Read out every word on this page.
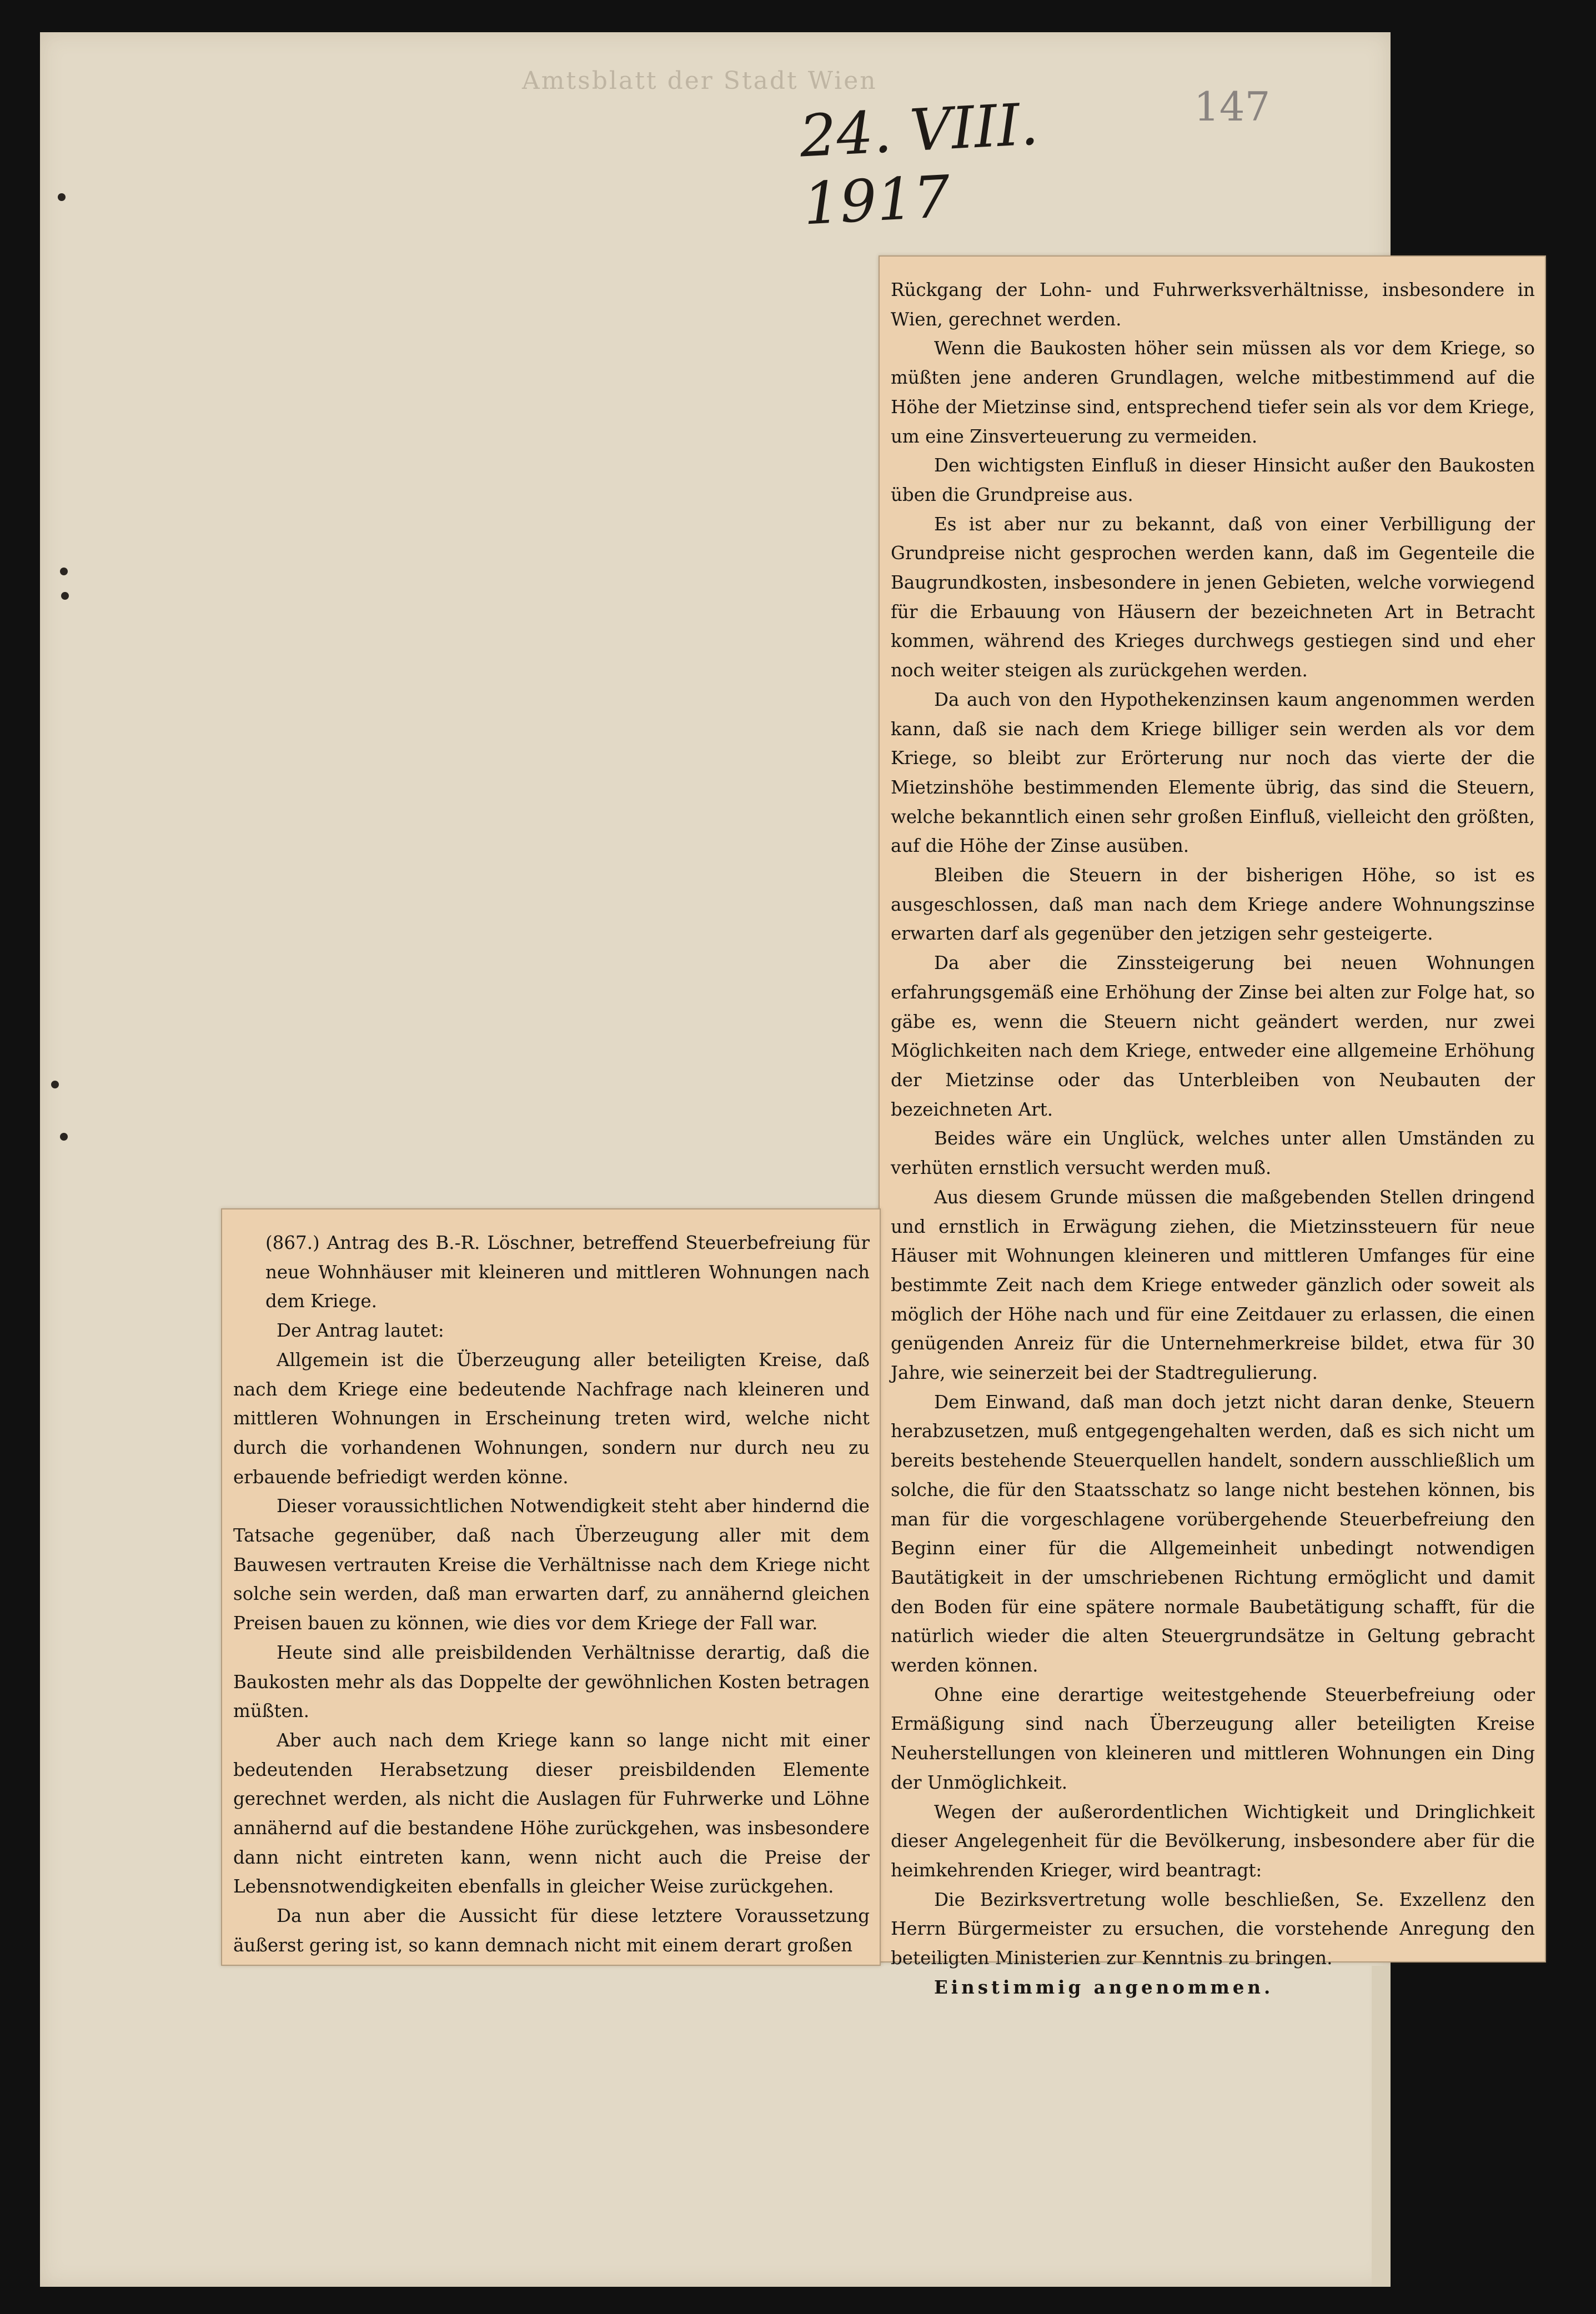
Amtsblatt der Stadt Wien
24. VIII. 1917
147

Rückgang der Lohn- und Fuhrwerksverhältnisse, insbesondere in Wien, gerechnet werden.

Wenn die Baukosten höher sein müssen als vor dem Kriege, so müßten jene anderen Grundlagen, welche mitbestimmend auf die Höhe der Mietzinse sind, entsprechend tiefer sein als vor dem Kriege, um eine Zinsverteuerung zu vermeiden.

Den wichtigsten Einfluß in dieser Hinsicht außer den Baukosten üben die Grundpreise aus.

Es ist aber nur zu bekannt, daß von einer Verbilligung der Grundpreise nicht gesprochen werden kann, daß im Gegenteile die Baugrundkosten, insbesondere in jenen Gebieten, welche vorwiegend für die Erbauung von Häusern der bezeichneten Art in Betracht kommen, während des Krieges durchwegs gestiegen sind und eher noch weiter steigen als zurückgehen werden.

Da auch von den Hypothekenzinsen kaum angenommen werden kann, daß sie nach dem Kriege billiger sein werden als vor dem Kriege, so bleibt zur Erörterung nur noch das vierte der die Mietzinshöhe bestimmenden Elemente übrig, das sind die Steuern, welche bekanntlich einen sehr großen Einfluß, vielleicht den größten, auf die Höhe der Zinse ausüben.

Bleiben die Steuern in der bisherigen Höhe, so ist es ausgeschlossen, daß man nach dem Kriege andere Wohnungszinse erwarten darf als gegenüber den jetzigen sehr gesteigerte.

Da aber die Zinssteigerung bei neuen Wohnungen erfahrungsgemäß eine Erhöhung der Zinse bei alten zur Folge hat, so gäbe es, wenn die Steuern nicht geändert werden, nur zwei Möglichkeiten nach dem Kriege, entweder eine allgemeine Erhöhung der Mietzinse oder das Unterbleiben von Neubauten der bezeichneten Art.

Beides wäre ein Unglück, welches unter allen Umständen zu verhüten ernstlich versucht werden muß.

Aus diesem Grunde müssen die maßgebenden Stellen dringend und ernstlich in Erwägung ziehen, die Mietzinssteuern für neue Häuser mit Wohnungen kleineren und mittleren Umfanges für eine bestimmte Zeit nach dem Kriege entweder gänzlich oder soweit als möglich der Höhe nach und für eine Zeitdauer zu erlassen, die einen genügenden Anreiz für die Unternehmerkreise bildet, etwa für 30 Jahre, wie seinerzeit bei der Stadtregulierung.

Dem Einwand, daß man doch jetzt nicht daran denke, Steuern herabzusetzen, muß entgegengehalten werden, daß es sich nicht um bereits bestehende Steuerquellen handelt, sondern ausschließlich um solche, die für den Staatsschatz so lange nicht bestehen können, bis man für die vorgeschlagene vorübergehende Steuerbefreiung den Beginn einer für die Allgemeinheit unbedingt notwendigen Bautätigkeit in der umschriebenen Richtung ermöglicht und damit den Boden für eine spätere normale Baubetätigung schafft, für die natürlich wieder die alten Steuergrundsätze in Geltung gebracht werden können.

Ohne eine derartige weitestgehende Steuerbefreiung oder Ermäßigung sind nach Überzeugung aller beteiligten Kreise Neuherstellungen von kleineren und mittleren Wohnungen ein Ding der Unmöglichkeit.

Wegen der außerordentlichen Wichtigkeit und Dringlichkeit dieser Angelegenheit für die Bevölkerung, insbesondere aber für die heimkehrenden Krieger, wird beantragt:

Die Bezirksvertretung wolle beschließen, Se. Exzellenz den Herrn Bürgermeister zu ersuchen, die vorstehende Anregung den beteiligten Ministerien zur Kenntnis zu bringen.

Einstimmig angenommen.

(867.) Antrag des B.-R. Löschner, betreffend Steuerbefreiung für neue Wohnhäuser mit kleineren und mittleren Wohnungen nach dem Kriege.

Der Antrag lautet:

Allgemein ist die Überzeugung aller beteiligten Kreise, daß nach dem Kriege eine bedeutende Nachfrage nach kleineren und mittleren Wohnungen in Erscheinung treten wird, welche nicht durch die vorhandenen Wohnungen, sondern nur durch neu zu erbauende befriedigt werden könne.

Dieser voraussichtlichen Notwendigkeit steht aber hindernd die Tatsache gegenüber, daß nach Überzeugung aller mit dem Bauwesen vertrauten Kreise die Verhältnisse nach dem Kriege nicht solche sein werden, daß man erwarten darf, zu annähernd gleichen Preisen bauen zu können, wie dies vor dem Kriege der Fall war.

Heute sind alle preisbildenden Verhältnisse derartig, daß die Baukosten mehr als das Doppelte der gewöhnlichen Kosten betragen müßten.

Aber auch nach dem Kriege kann so lange nicht mit einer bedeutenden Herabsetzung dieser preisbildenden Elemente gerechnet werden, als nicht die Auslagen für Fuhrwerke und Löhne annähernd auf die bestandene Höhe zurückgehen, was insbesondere dann nicht eintreten kann, wenn nicht auch die Preise der Lebensnotwendigkeiten ebenfalls in gleicher Weise zurückgehen.

Da nun aber die Aussicht für diese letztere Voraussetzung äußerst gering ist, so kann demnach nicht mit einem derart großen
